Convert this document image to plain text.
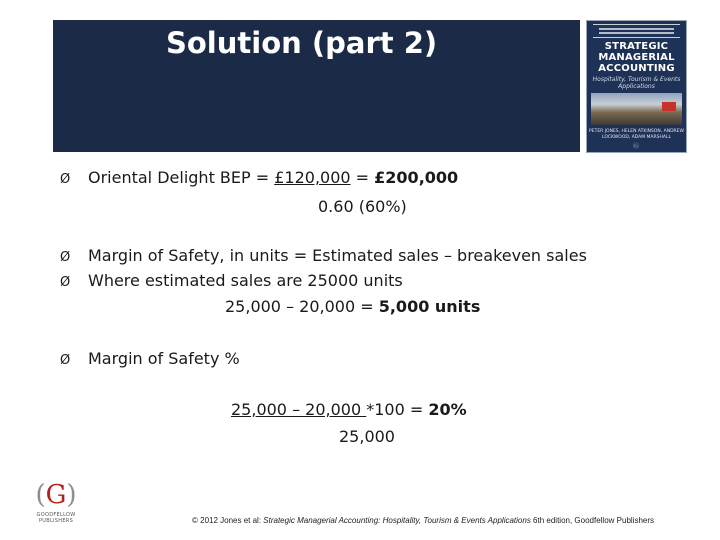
Solution (part 2)	STRATEGIC
MANAGERIAL
ACCOUNTING
Hospitality, Tourism & Events Applications
PETER JONES, HELEN ATKINSON, ANDREW LOCKWOOD, ADAM MARSHALL
Ⓖ
Ø Oriental Delight BEP = £120,000 = £200,000
0.60 (60%)
Ø Margin of Safety, in units = Estimated sales – breakeven sales
Ø Where estimated sales are 25000 units
25,000 – 20,000 = 5,000 units
Ø Margin of Safety %
25,000 – 20,000 *100 = 20%
25,000
(G)
GOODFELLOW PUBLISHERS	© 2012 Jones et al: Strategic Managerial Accounting: Hospitality, Tourism & Events Applications 6th edition, Goodfellow Publishers
